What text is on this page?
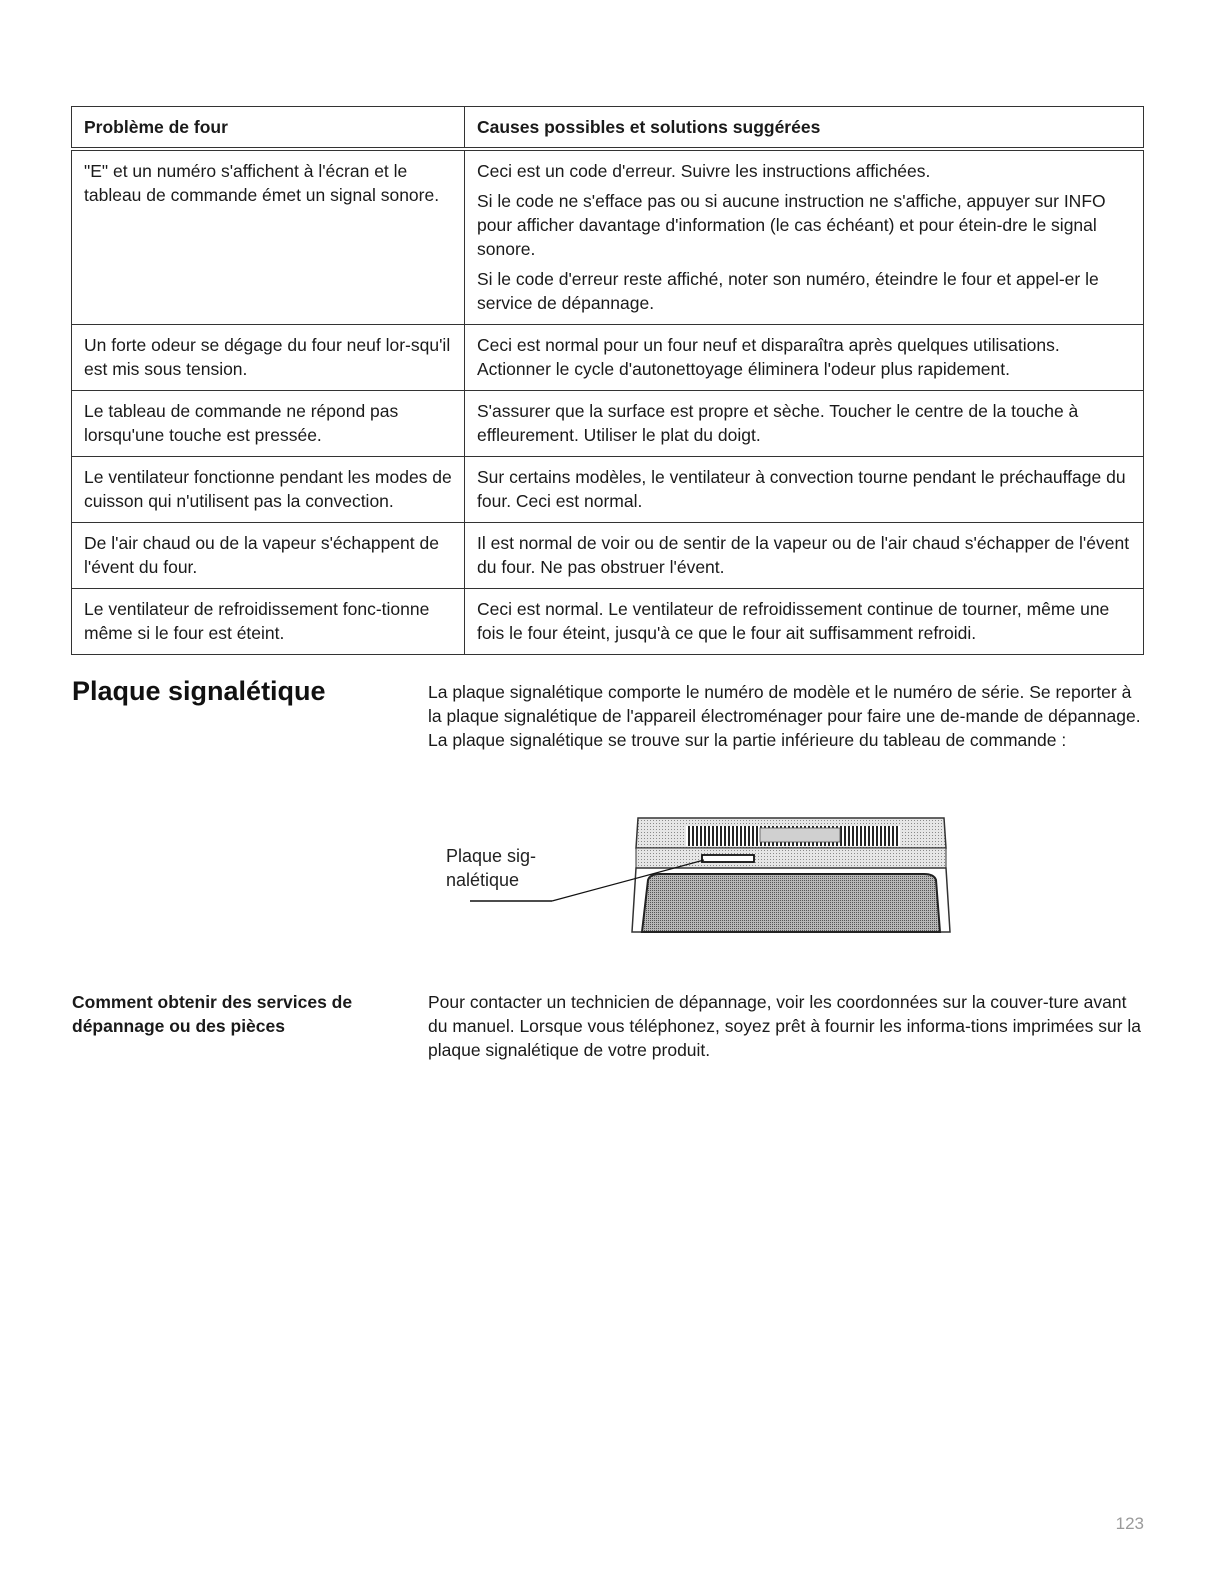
Problème de four	Causes possibles et solutions suggérées
"E" et un numéro s'affichent à l'écran et le tableau de commande émet un signal sonore.	Ceci est un code d'erreur. Suivre les instructions affichées.

Si le code ne s'efface pas ou si aucune instruction ne s'affiche, appuyer sur INFO pour afficher davantage d'information (le cas échéant) et pour étein-dre le signal sonore.

Si le code d'erreur reste affiché, noter son numéro, éteindre le four et appel-er le service de dépannage.

Un forte odeur se dégage du four neuf lor-squ'il est mis sous tension.	Ceci est normal pour un four neuf et disparaîtra après quelques utilisations. Actionner le cycle d'autonettoyage éliminera l'odeur plus rapidement.

Le tableau de commande ne répond pas lorsqu'une touche est pressée.	S'assurer que la surface est propre et sèche. Toucher le centre de la touche à effleurement. Utiliser le plat du doigt.

Le ventilateur fonctionne pendant les modes de cuisson qui n'utilisent pas la convection.	Sur certains modèles, le ventilateur à convection tourne pendant le préchauffage du four. Ceci est normal.

De l'air chaud ou de la vapeur s'échappent de l'évent du four.	Il est normal de voir ou de sentir de la vapeur ou de l'air chaud s'échapper de l'évent du four. Ne pas obstruer l'évent.

Le ventilateur de refroidissement fonc-tionne même si le four est éteint.	Ceci est normal. Le ventilateur de refroidissement continue de tourner, même une fois le four éteint, jusqu'à ce que le four ait suffisamment refroidi.

Plaque signalétique	La plaque signalétique comporte le numéro de modèle et le numéro de série. Se reporter à la plaque signalétique de l'appareil électroménager pour faire une de-mande de dépannage. La plaque signalétique se trouve sur la partie inférieure du tableau de commande :

Plaque sig-nalétique
Comment obtenir des services de dépannage ou des pièces

Pour contacter un technicien de dépannage, voir les coordonnées sur la couver-ture avant du manuel. Lorsque vous téléphonez, soyez prêt à fournir les informa-tions imprimées sur la plaque signalétique de votre produit.

123
